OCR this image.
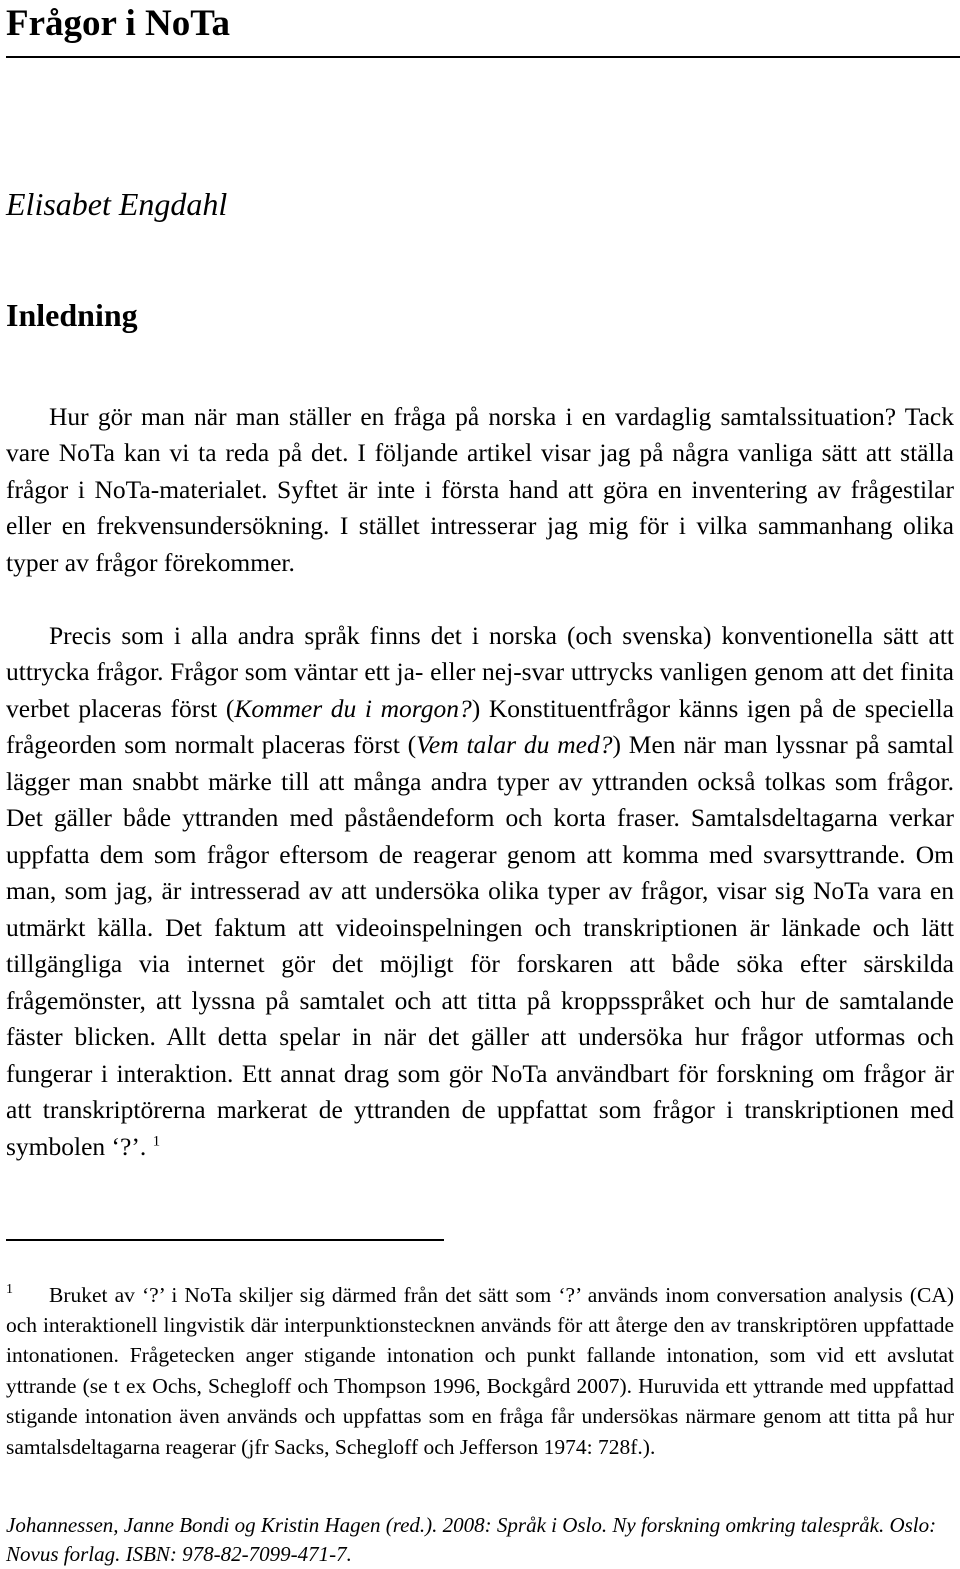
Frågor i NoTa
Elisabet Engdahl
Inledning

Hur gör man när man ställer en fråga på norska i en vardaglig samtalssituation? Tack vare NoTa kan vi ta reda på det. I följande artikel visar jag på några vanliga sätt att ställa frågor i NoTa-materialet. Syftet är inte i första hand att göra en inventering av frågestilar eller en frekvensundersökning. I stället intresserar jag mig för i vilka sammanhang olika typer av frågor förekommer.

Precis som i alla andra språk finns det i norska (och svenska) konventionella sätt att uttrycka frågor. Frågor som väntar ett ja- eller nej-svar uttrycks vanligen genom att det finita verbet placeras först (Kommer du i morgon?) Konstituentfrågor känns igen på de speciella frågeorden som normalt placeras först (Vem talar du med?) Men när man lyssnar på samtal lägger man snabbt märke till att många andra typer av yttranden också tolkas som frågor. Det gäller både yttranden med påståendeform och korta fraser. Samtalsdeltagarna verkar uppfatta dem som frågor eftersom de reagerar genom att komma med svarsyttrande. Om man, som jag, är intresserad av att undersöka olika typer av frågor, visar sig NoTa vara en utmärkt källa. Det faktum att videoinspelningen och transkriptionen är länkade och lätt tillgängliga via internet gör det möjligt för forskaren att både söka efter särskilda frågemönster, att lyssna på samtalet och att titta på kroppsspråket och hur de samtalande fäster blicken. Allt detta spelar in när det gäller att undersöka hur frågor utformas och fungerar i interaktion. Ett annat drag som gör NoTa användbart för forskning om frågor är att transkriptörerna markerat de yttranden de uppfattat som frågor i transkriptionen med symbolen ‘?’. $^1$

1 Bruket av ‘?’ i NoTa skiljer sig därmed från det sätt som ‘?’ används inom conversation analysis (CA) och interaktionell lingvistik där interpunktionstecknen används för att återge den av transkriptören uppfattade intonationen. Frågetecken anger stigande intonation och punkt fallande intonation, som vid ett avslutat yttrande (se t ex Ochs, Schegloff och Thompson 1996, Bockgård 2007). Huruvida ett yttrande med uppfattad stigande intonation även används och uppfattas som en fråga får undersökas närmare genom att titta på hur samtalsdeltagarna reagerar (jfr Sacks, Schegloff och Jefferson 1974: 728f.).

Johannessen, Janne Bondi og Kristin Hagen (red.). 2008: Språk i Oslo. Ny forskning omkring talespråk. Oslo: Novus forlag. ISBN: 978-82-7099-471-7.
